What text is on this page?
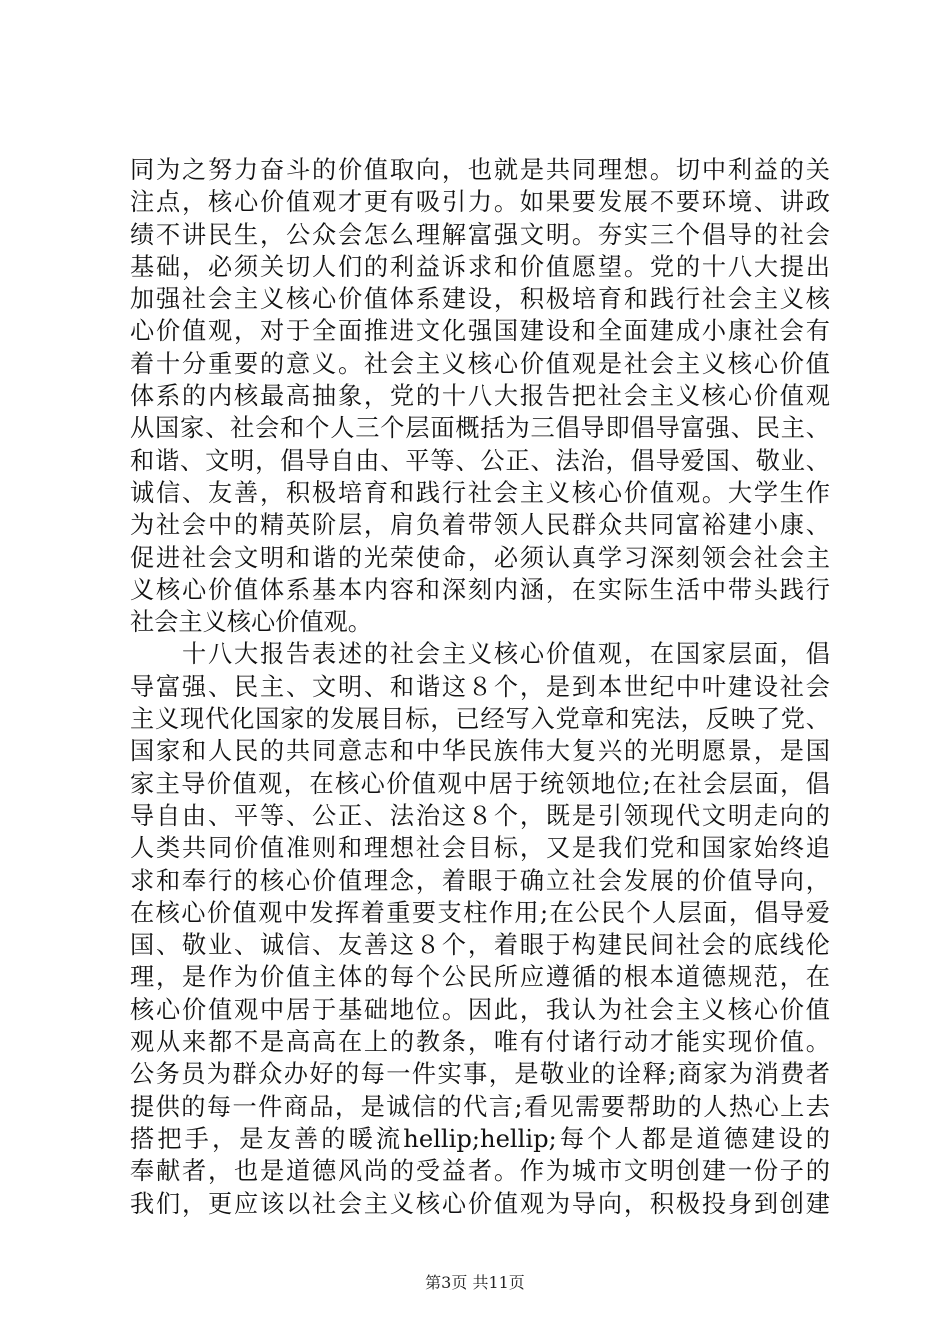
同为之努力奋斗的价值取向，也就是共同理想。切中利益的关
注点，核心价值观才更有吸引力。如果要发展不要环境、讲政
绩不讲民生，公众会怎么理解富强文明。夯实三个倡导的社会
基础，必须关切人们的利益诉求和价值愿望。党的十八大提出
加强社会主义核心价值体系建设，积极培育和践行社会主义核
心价值观，对于全面推进文化强国建设和全面建成小康社会有
着十分重要的意义。社会主义核心价值观是社会主义核心价值
体系的内核最高抽象，党的十八大报告把社会主义核心价值观
从国家、社会和个人三个层面概括为三倡导即倡导富强、民主、
和谐、文明，倡导自由、平等、公正、法治，倡导爱国、敬业、
诚信、友善，积极培育和践行社会主义核心价值观。大学生作
为社会中的精英阶层，肩负着带领人民群众共同富裕建小康、
促进社会文明和谐的光荣使命，必须认真学习深刻领会社会主
义核心价值体系基本内容和深刻内涵，在实际生活中带头践行
社会主义核心价值观。
　　十八大报告表述的社会主义核心价值观，在国家层面，倡
导富强、民主、文明、和谐这８个，是到本世纪中叶建设社会
主义现代化国家的发展目标，已经写入党章和宪法，反映了党、
国家和人民的共同意志和中华民族伟大复兴的光明愿景，是国
家主导价值观，在核心价值观中居于统领地位;在社会层面，倡
导自由、平等、公正、法治这８个，既是引领现代文明走向的
人类共同价值准则和理想社会目标，又是我们党和国家始终追
求和奉行的核心价值理念，着眼于确立社会发展的价值导向，
在核心价值观中发挥着重要支柱作用;在公民个人层面，倡导爱
国、敬业、诚信、友善这８个，着眼于构建民间社会的底线伦
理，是作为价值主体的每个公民所应遵循的根本道德规范，在
核心价值观中居于基础地位。因此，我认为社会主义核心价值
观从来都不是高高在上的教条，唯有付诸行动才能实现价值。
公务员为群众办好的每一件实事，是敬业的诠释;商家为消费者
提供的每一件商品，是诚信的代言;看见需要帮助的人热心上去
搭把手，是友善的暖流hellip;hellip;每个人都是道德建设的
奉献者，也是道德风尚的受益者。作为城市文明创建一份子的
我们，更应该以社会主义核心价值观为导向，积极投身到创建
第3页 共11页
